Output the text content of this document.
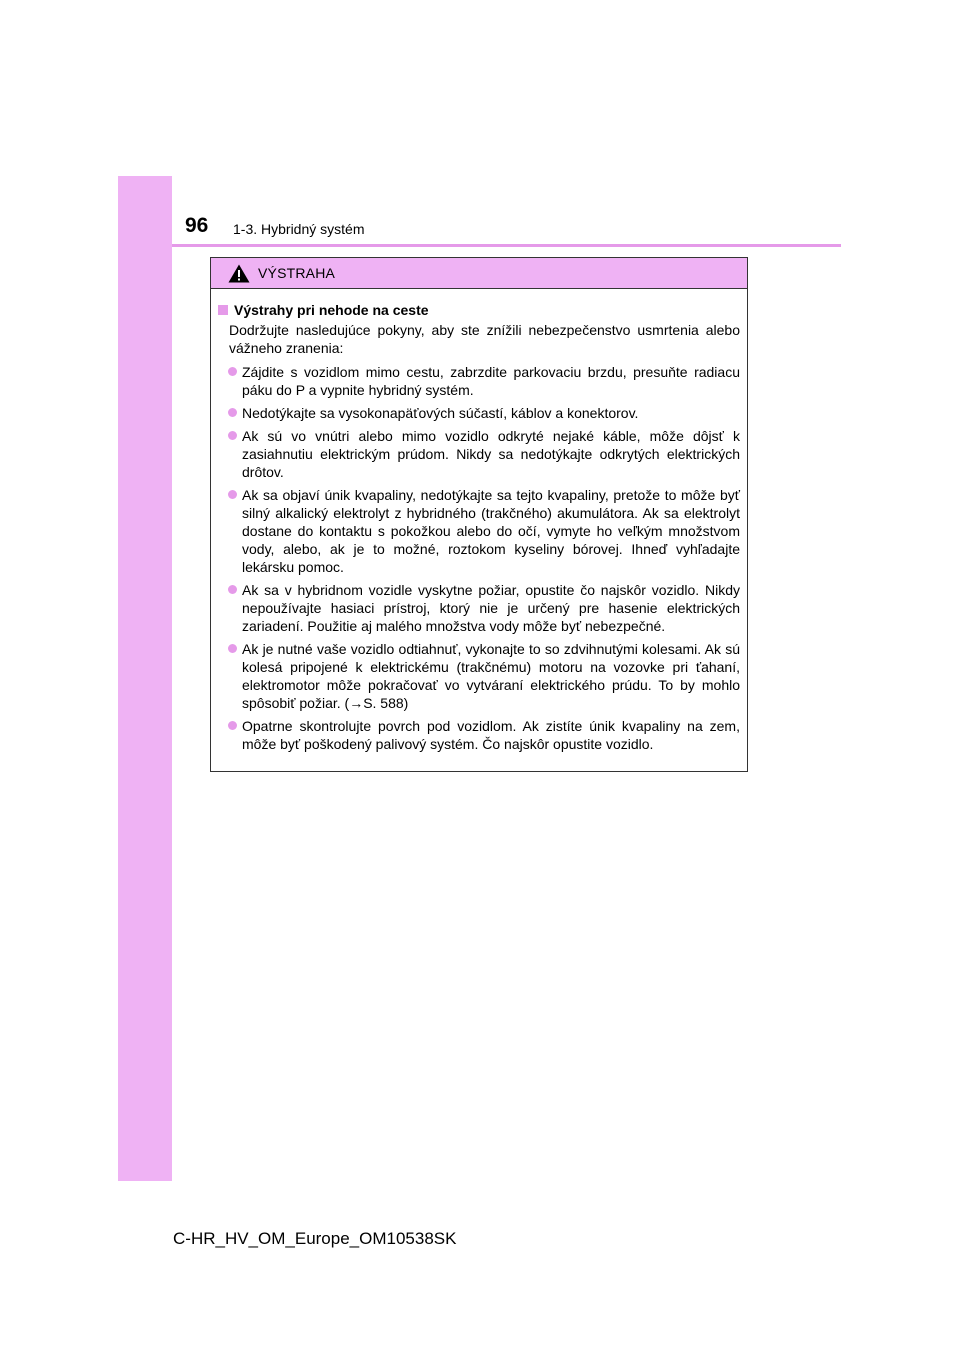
96 1-3. Hybridný systém
VÝSTRAHA
Výstrahy pri nehode na ceste
Dodržujte nasledujúce pokyny, aby ste znížili nebezpečenstvo usmrtenia alebo vážneho zranenia:
Zájdite s vozidlom mimo cestu, zabrzdite parkovaciu brzdu, presuňte radiacu páku do P a vypnite hybridný systém.
Nedotýkajte sa vysokonapäťových súčastí, káblov a konektorov.
Ak sú vo vnútri alebo mimo vozidlo odkryté nejaké káble, môže dôjsť k zasiahnutiu elektrickým prúdom. Nikdy sa nedotýkajte odkrytých elektrických drôtov.
Ak sa objaví únik kvapaliny, nedotýkajte sa tejto kvapaliny, pretože to môže byť silný alkalický elektrolyt z hybridného (trakčného) akumulátora. Ak sa elektrolyt dostane do kontaktu s pokožkou alebo do očí, vymyte ho veľkým množstvom vody, alebo, ak je to možné, roztokom kyseliny bórovej. Ihneď vyhľadajte lekársku pomoc.
Ak sa v hybridnom vozidle vyskytne požiar, opustite čo najskôr vozidlo. Nikdy nepoužívajte hasiaci prístroj, ktorý nie je určený pre hasenie elektrických zariadení. Použitie aj malého množstva vody môže byť nebezpečné.
Ak je nutné vaše vozidlo odtiahnuť, vykonajte to so zdvihnutými kolesami. Ak sú kolesá pripojené k elektrickému (trakčnému) motoru na vozovke pri ťahaní, elektromotor môže pokračovať vo vytváraní elektrického prúdu. To by mohlo spôsobiť požiar. (→S. 588)
Opatrne skontrolujte povrch pod vozidlom. Ak zistíte únik kvapaliny na zem, môže byť poškodený palivový systém. Čo najskôr opustite vozidlo.
C-HR_HV_OM_Europe_OM10538SK
